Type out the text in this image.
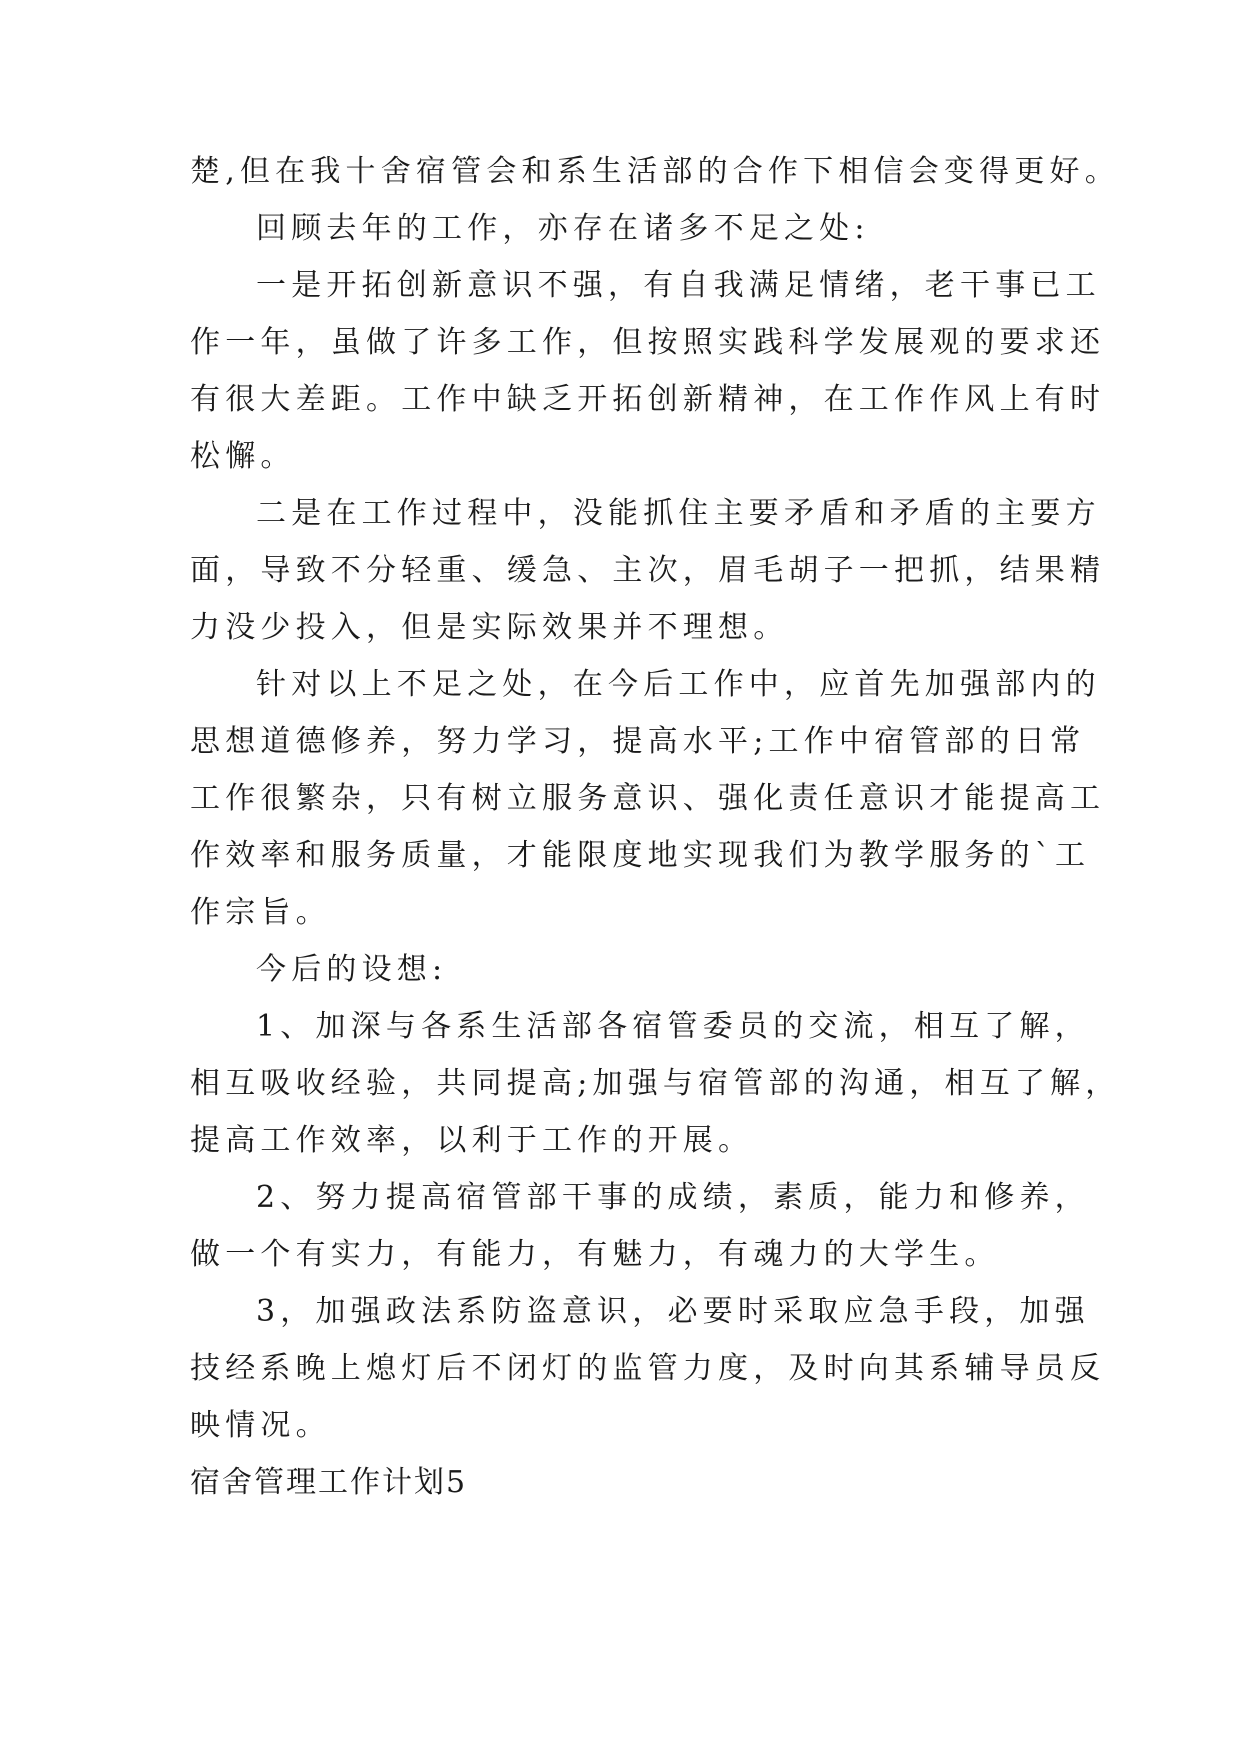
楚,但在我十舍宿管会和系生活部的合作下相信会变得更好。
回顾去年的工作，亦存在诸多不足之处:
一是开拓创新意识不强，有自我满足情绪，老干事已工
作一年，虽做了许多工作，但按照实践科学发展观的要求还
有很大差距。工作中缺乏开拓创新精神，在工作作风上有时
松懈。
二是在工作过程中，没能抓住主要矛盾和矛盾的主要方
面，导致不分轻重、缓急、主次，眉毛胡子一把抓，结果精
力没少投入，但是实际效果并不理想。
针对以上不足之处，在今后工作中，应首先加强部内的
思想道德修养，努力学习，提高水平;工作中宿管部的日常
工作很繁杂，只有树立服务意识、强化责任意识才能提高工
作效率和服务质量，才能限度地实现我们为教学服务的`工
作宗旨。
今后的设想:
1、加深与各系生活部各宿管委员的交流，相互了解，
相互吸收经验，共同提高;加强与宿管部的沟通，相互了解，
提高工作效率，以利于工作的开展。
2、努力提高宿管部干事的成绩，素质，能力和修养，
做一个有实力，有能力，有魅力，有魂力的大学生。
3，加强政法系防盗意识，必要时采取应急手段，加强
技经系晚上熄灯后不闭灯的监管力度，及时向其系辅导员反
映情况。
宿舍管理工作计划5
